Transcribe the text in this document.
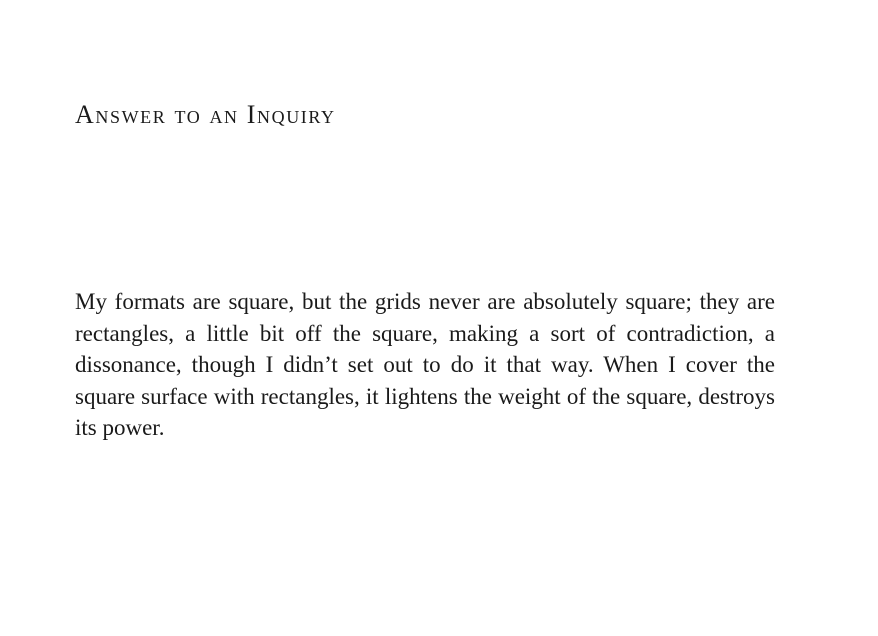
Answer to an Inquiry

My formats are square, but the grids never are absolutely square; they are rectangles, a little bit off the square, making a sort of contradiction, a dissonance, though I didn’t set out to do it that way. When I cover the square surface with rectangles, it lightens the weight of the square, destroys its power.
